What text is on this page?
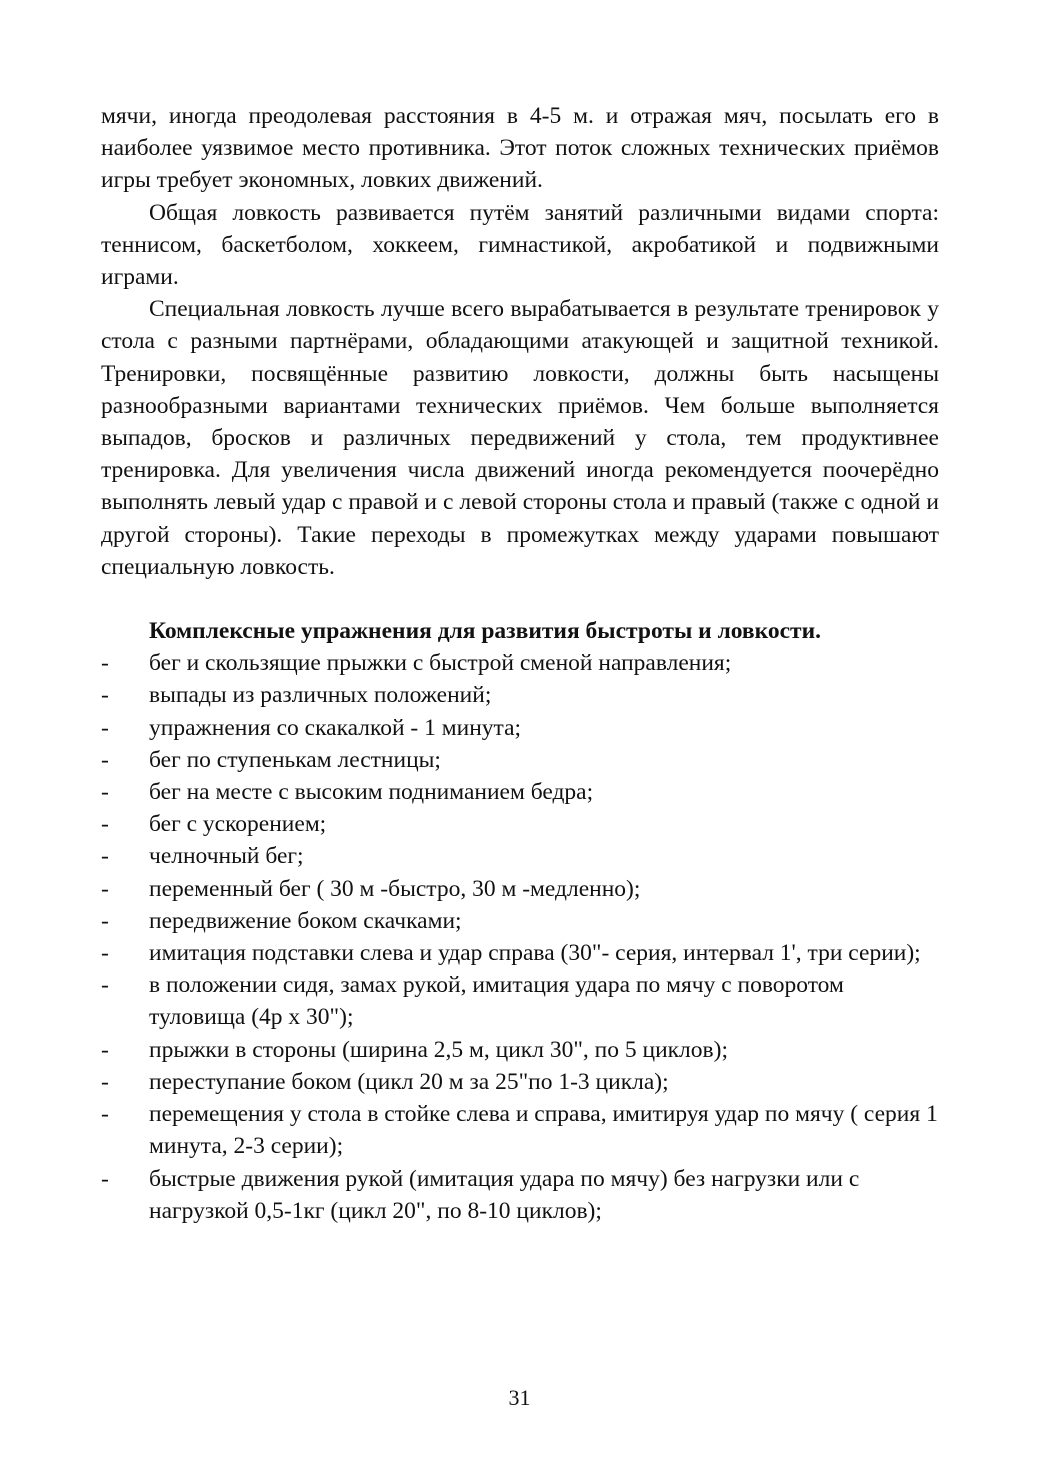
мячи, иногда преодолевая расстояния в 4-5 м. и отражая мяч, посылать его в наиболее уязвимое место противника. Этот поток сложных технических приёмов игры требует экономных, ловких движений.

Общая ловкость развивается путём занятий различными видами спорта: теннисом, баскетболом, хоккеем, гимнастикой, акробатикой и подвижными играми.

Специальная ловкость лучше всего вырабатывается в результате тренировок у стола с разными партнёрами, обладающими атакующей и защитной техникой. Тренировки, посвящённые развитию ловкости, должны быть насыщены разнообразными вариантами технических приёмов. Чем больше выполняется выпадов, бросков и различных передвижений у стола, тем продуктивнее тренировка. Для увеличения числа движений иногда рекомендуется поочерёдно выполнять левый удар с правой и с левой стороны стола и правый (также с одной и другой стороны). Такие переходы в промежутках между ударами повышают специальную ловкость.

Комплексные упражнения для развития быстроты и ловкости.

- бег и скользящие прыжки с быстрой сменой направления;
- выпады из различных положений;
- упражнения со скакалкой - 1 минута;
- бег по ступенькам лестницы;
- бег на месте с высоким подниманием бедра;
- бег с ускорением;
- челночный бег;
- переменный бег ( 30 м -быстро, 30 м -медленно);
- передвижение боком скачками;
- имитация подставки слева и удар справа (30"- серия, интервал 1', три серии);
- в положении сидя, замах рукой, имитация удара по мячу с поворотом туловища (4р х 30");
- прыжки в стороны (ширина 2,5 м, цикл 30", по 5 циклов);
- переступание боком (цикл 20 м за 25"по 1-3 цикла);
- перемещения у стола в стойке слева и справа, имитируя удар по мячу ( серия 1 минута, 2-3 серии);
- быстрые движения рукой (имитация удара по мячу) без нагрузки или с нагрузкой 0,5-1кг (цикл 20", по 8-10 циклов);
31
